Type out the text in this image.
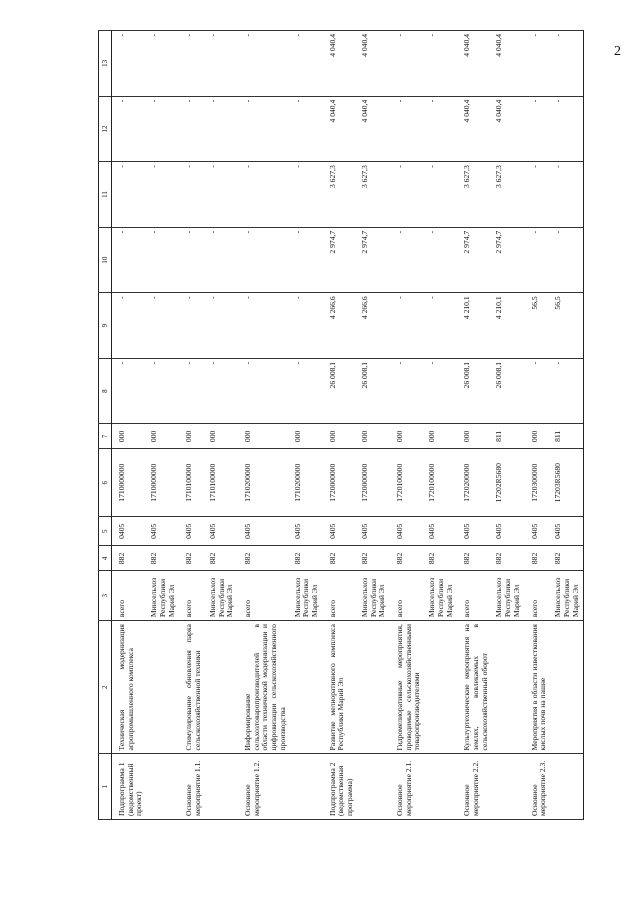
2
1	2	3	4	5	6	7	8	9	10	11	12	13
Подпрограмма 1 (ведомственный проект)	Техническая модернизация агропромышленного комплекса	всего	882	0405	1710000000	000	-	-	-	-	-	-
		Минсельхоз Республики Марий Эл	882	0405	1710000000	000	-	-	-	-	-	-
Основное мероприятие 1.1.	Стимулирование обновления парка сельскохозяйственной техники	всего	882	0405	1710100000	000	-	-	-	-	-	-
		Минсельхоз Республики Марий Эл	882	0405	1710100000	000	-	-	-	-	-	-
Основное мероприятие 1.2.	Информирование сельхозтоваропроизводителей в области технической модернизации и цифровизации сельскохозяйственного производства	всего	882	0405	1710200000	000	-	-	-	-	-	-
		Минсельхоз Республики Марий Эл	882	0405	1710200000	000	-	-	-	-	-	-
Подпрограмма 2 (ведомственная программа)	Развитие мелиоративного комплекса Республики Марий Эл	всего	882	0405	1720000000	000	26 008,1	4 266,6	2 974,7	3 627,3	4 040,4	4 040,4
		Минсельхоз Республики Марий Эл	882	0405	1720000000	000	26 008,1	4 266,6	2 974,7	3 627,3	4 040,4	4 040,4
Основное мероприятие 2.1.	Гидромелиоративные мероприятия, проводимые сельскохозяйственными товаропроизводителями	всего	882	0405	1720100000	000	-	-	-	-	-	-
		Минсельхоз Республики Марий Эл	882	0405	1720100000	000	-	-	-	-	-	-
Основное мероприятие 2.2.	Культуртехнические мероприятия на землях, вовлекаемых в сельскохозяйственный оборот	всего	882	0405	1720200000	000	26 008,1	4 210,1	2 974,7	3 627,3	4 040,4	4 040,4
		Минсельхоз Республики Марий Эл	882	0405	17202R5680	811	26 008,1	4 210,1	2 974,7	3 627,3	4 040,4	4 040,4
Основное мероприятие 2.3.	Мероприятия в области известкования кислых почв на пашне	всего	882	0405	1720300000	000	-	56,5	-	-	-	-
		Минсельхоз Республики Марий Эл	882	0405	17203R5680	811	-	56,5	-	-	-	-
